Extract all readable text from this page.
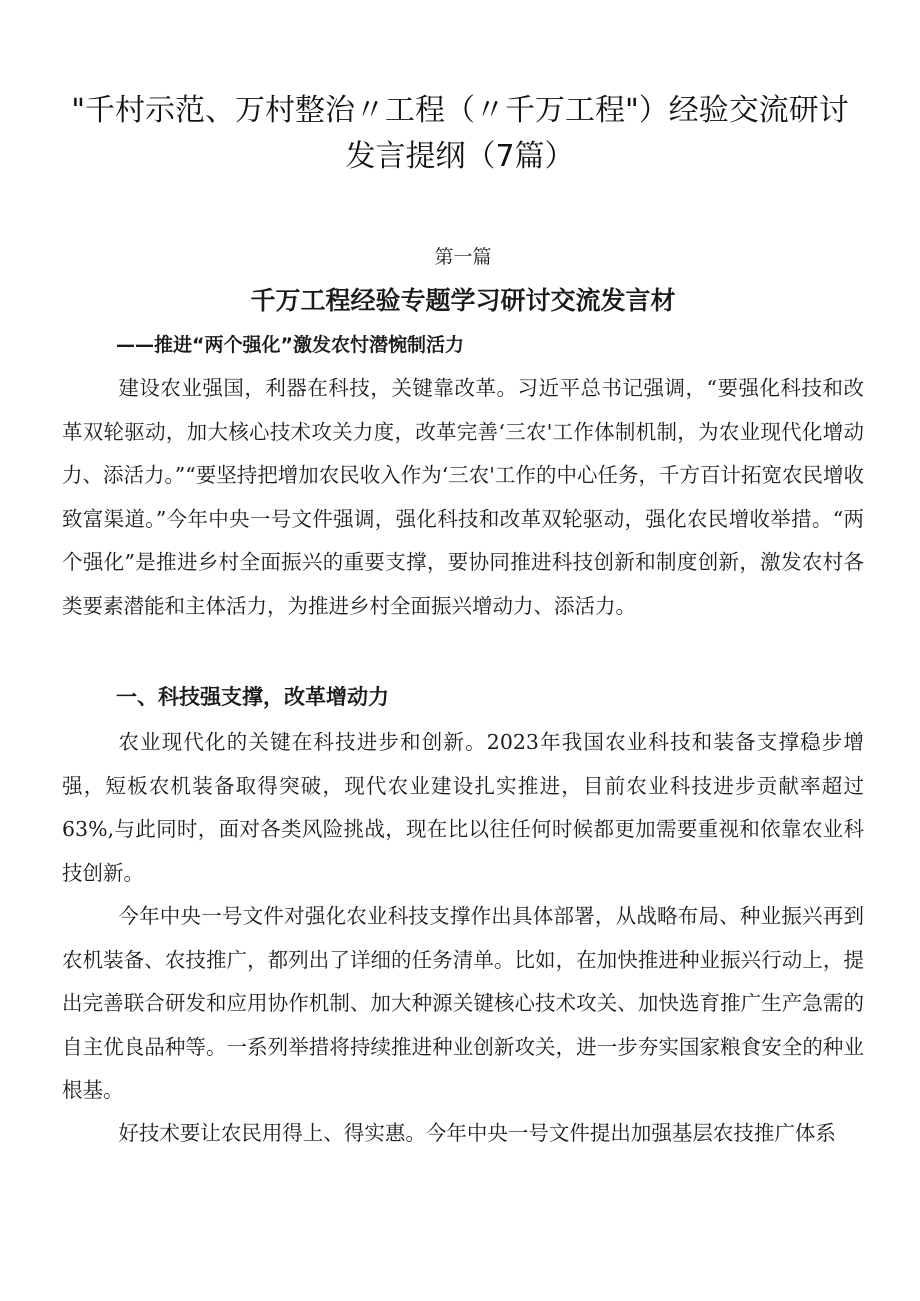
"千村示范、万村整治〃工程（〃千万工程"）经验交流研讨发言提纲（7篇）

第一篇

千万工程经验专题学习研讨交流发言材

——推进“两个强化”激发农忖潜惋制活力

建设农业强国，利器在科技，关键靠改革。习近平总书记强调，“要强化科技和改革双轮驱动，加大核心技术攻关力度，改革完善‘三农'工作体制机制，为农业现代化增动力、添活力。”“要坚持把增加农民收入作为‘三农'工作的中心任务，千方百计拓宽农民增收致富渠道。”今年中央一号文件强调，强化科技和改革双轮驱动，强化农民增收举措。“两个强化”是推进乡村全面振兴的重要支撑，要协同推进科技创新和制度创新，激发农村各类要素潜能和主体活力，为推进乡村全面振兴增动力、添活力。

一、科技强支撑，改革增动力

农业现代化的关键在科技进步和创新。2023年我国农业科技和装备支撑稳步增强，短板农机装备取得突破，现代农业建设扎实推进，目前农业科技进步贡献率超过63%,与此同时，面对各类风险挑战，现在比以往任何时候都更加需要重视和依靠农业科技创新。

今年中央一号文件对强化农业科技支撑作出具体部署，从战略布局、种业振兴再到农机装备、农技推广，都列出了详细的任务清单。比如，在加快推进种业振兴行动上，提出完善联合研发和应用协作机制、加大种源关键核心技术攻关、加快选育推广生产急需的自主优良品种等。一系列举措将持续推进种业创新攻关，进一步夯实国家粮食安全的种业根基。

好技术要让农民用得上、得实惠。今年中央一号文件提出加强基层农技推广体系
